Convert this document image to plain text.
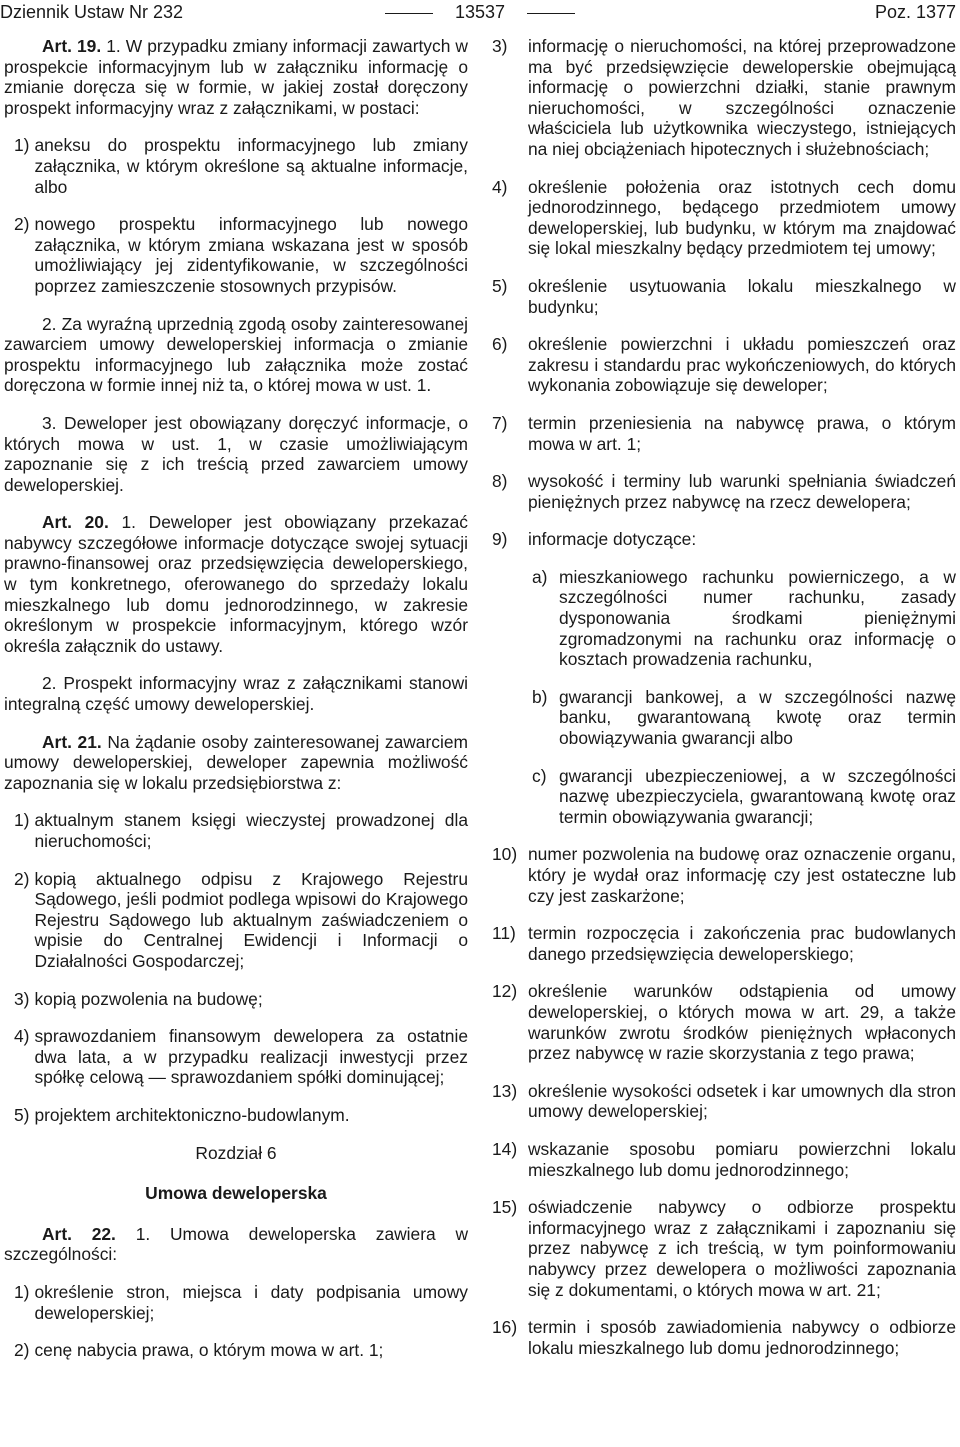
Dziennik Ustaw Nr 232	13537	Poz. 1377

Art. 19. 1. W przypadku zmiany informacji zawartych w prospekcie informacyjnym lub w załączniku informację o zmianie doręcza się w formie, w jakiej został doręczony prospekt informacyjny wraz z załącznikami, w postaci:

1) aneksu do prospektu informacyjnego lub zmiany załącznika, w którym określone są aktualne informacje, albo
2) nowego prospektu informacyjnego lub nowego załącznika, w którym zmiana wskazana jest w sposób umożliwiający jej zidentyfikowanie, w szczególności poprzez zamieszczenie stosownych przypisów.

2. Za wyraźną uprzednią zgodą osoby zainteresowanej zawarciem umowy deweloperskiej informacja o zmianie prospektu informacyjnego lub załącznika może zostać doręczona w formie innej niż ta, o której mowa w ust. 1.

3. Deweloper jest obowiązany doręczyć informacje, o których mowa w ust. 1, w czasie umożliwiającym zapoznanie się z ich treścią przed zawarciem umowy deweloperskiej.

Art. 20. 1. Deweloper jest obowiązany przekazać nabywcy szczegółowe informacje dotyczące swojej sytuacji prawno-finansowej oraz przedsięwzięcia deweloperskiego, w tym konkretnego, oferowanego do sprzedaży lokalu mieszkalnego lub domu jednorodzinnego, w zakresie określonym w prospekcie informacyjnym, którego wzór określa załącznik do ustawy.

2. Prospekt informacyjny wraz z załącznikami stanowi integralną część umowy deweloperskiej.

Art. 21. Na żądanie osoby zainteresowanej zawarciem umowy deweloperskiej, deweloper zapewnia możliwość zapoznania się w lokalu przedsiębiorstwa z:

1) aktualnym stanem księgi wieczystej prowadzonej dla nieruchomości;
2) kopią aktualnego odpisu z Krajowego Rejestru Sądowego, jeśli podmiot podlega wpisowi do Krajowego Rejestru Sądowego lub aktualnym zaświadczeniem o wpisie do Centralnej Ewidencji i Informacji o Działalności Gospodarczej;
3) kopią pozwolenia na budowę;
4) sprawozdaniem finansowym dewelopera za ostatnie dwa lata, a w przypadku realizacji inwestycji przez spółkę celową — sprawozdaniem spółki dominującej;
5) projektem architektoniczno-budowlanym.
Rozdział 6
Umowa deweloperska

Art. 22. 1. Umowa deweloperska zawiera w szczególności:

1) określenie stron, miejsca i daty podpisania umowy deweloperskiej;
2) cenę nabycia prawa, o którym mowa w art. 1;
3)	informację o nieruchomości, na której przeprowadzone ma być przedsięwzięcie deweloperskie obejmującą informację o powierzchni działki, stanie prawnym nieruchomości, w szczególności oznaczenie właściciela lub użytkownika wieczystego, istniejących na niej obciążeniach hipotecznych i służebnościach;
4)	określenie położenia oraz istotnych cech domu jednorodzinnego, będącego przedmiotem umowy deweloperskiej, lub budynku, w którym ma znajdować się lokal mieszkalny będący przedmiotem tej umowy;
5)	określenie usytuowania lokalu mieszkalnego w budynku;
6)	określenie powierzchni i układu pomieszczeń oraz zakresu i standardu prac wykończeniowych, do których wykonania zobowiązuje się deweloper;
7)	termin przeniesienia na nabywcę prawa, o którym mowa w art. 1;
8)	wysokość i terminy lub warunki spełniania świadczeń pieniężnych przez nabywcę na rzecz dewelopera;
9)	informacje dotyczące:
a) mieszkaniowego rachunku powierniczego, a w szczególności numer rachunku, zasady dysponowania środkami pieniężnymi zgromadzonymi na rachunku oraz informację o kosztach prowadzenia rachunku,
b) gwarancji bankowej, a w szczególności nazwę banku, gwarantowaną kwotę oraz termin obowiązywania gwarancji albo
c) gwarancji ubezpieczeniowej, a w szczególności nazwę ubezpieczyciela, gwarantowaną kwotę oraz termin obowiązywania gwarancji;
10) numer pozwolenia na budowę oraz oznaczenie organu, który je wydał oraz informację czy jest ostateczne lub czy jest zaskarżone;
11) termin rozpoczęcia i zakończenia prac budowlanych danego przedsięwzięcia deweloperskiego;
12) określenie warunków odstąpienia od umowy deweloperskiej, o których mowa w art. 29, a także warunków zwrotu środków pieniężnych wpłaconych przez nabywcę w razie skorzystania z tego prawa;
13) określenie wysokości odsetek i kar umownych dla stron umowy deweloperskiej;
14) wskazanie sposobu pomiaru powierzchni lokalu mieszkalnego lub domu jednorodzinnego;
15) oświadczenie nabywcy o odbiorze prospektu informacyjnego wraz z załącznikami i zapoznaniu się przez nabywcę z ich treścią, w tym poinformowaniu nabywcy przez dewelopera o możliwości zapoznania się z dokumentami, o których mowa w art. 21;
16) termin i sposób zawiadomienia nabywcy o odbiorze lokalu mieszkalnego lub domu jednorodzinnego;
